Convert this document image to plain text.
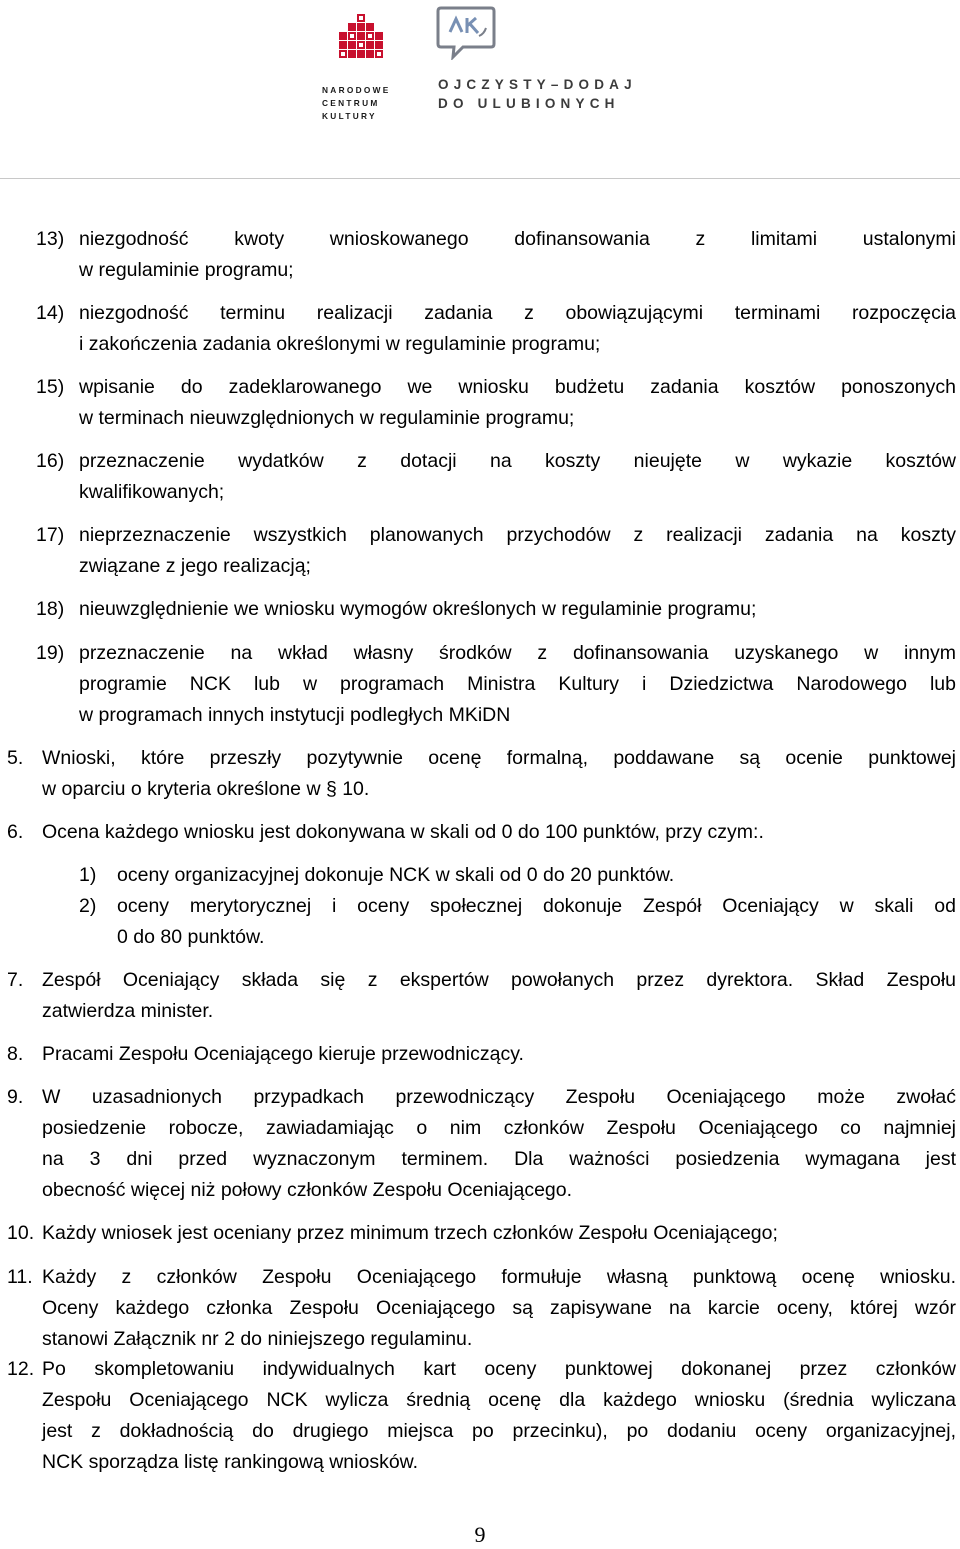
NARODOWE
CENTRUM
KULTURY
OJCZYSTY–DODAJ
DO ULUBIONYCH
13) niezgodność kwoty wnioskowanego dofinansowania z limitami ustalonymi
w regulaminie programu;
14) niezgodność terminu realizacji zadania z obowiązującymi terminami rozpoczęcia
i zakończenia zadania określonymi w regulaminie programu;
15) wpisanie do zadeklarowanego we wniosku budżetu zadania kosztów ponoszonych
w terminach nieuwzględnionych w regulaminie programu;
16) przeznaczenie wydatków z dotacji na koszty nieujęte w wykazie kosztów
kwalifikowanych;
17) nieprzeznaczenie wszystkich planowanych przychodów z realizacji zadania na koszty
związane z jego realizacją;
18) nieuwzględnienie we wniosku wymogów określonych w regulaminie programu;
19) przeznaczenie na wkład własny środków z dofinansowania uzyskanego w innym
programie NCK lub w programach Ministra Kultury i Dziedzictwa Narodowego lub
w programach innych instytucji podległych MKiDN
5. Wnioski, które przeszły pozytywnie ocenę formalną, poddawane są ocenie punktowej
w oparciu o kryteria określone w § 10.
6. Ocena każdego wniosku jest dokonywana w skali od 0 do 100 punktów, przy czym:.
1) oceny organizacyjnej dokonuje NCK w skali od 0 do 20 punktów.
2) oceny merytorycznej i oceny społecznej dokonuje Zespół Oceniający w skali od
0 do 80 punktów.
7. Zespół Oceniający składa się z ekspertów powołanych przez dyrektora. Skład Zespołu
zatwierdza minister.
8. Pracami Zespołu Oceniającego kieruje przewodniczący.
9. W uzasadnionych przypadkach przewodniczący Zespołu Oceniającego może zwołać
posiedzenie robocze, zawiadamiając o nim członków Zespołu Oceniającego co najmniej
na 3 dni przed wyznaczonym terminem. Dla ważności posiedzenia wymagana jest
obecność więcej niż połowy członków Zespołu Oceniającego.
10. Każdy wniosek jest oceniany przez minimum trzech członków Zespołu Oceniającego;
11. Każdy z członków Zespołu Oceniającego formułuje własną punktową ocenę wniosku.
Oceny każdego członka Zespołu Oceniającego są zapisywane na karcie oceny, której wzór
stanowi Załącznik nr 2 do niniejszego regulaminu.
12. Po skompletowaniu indywidualnych kart oceny punktowej dokonanej przez członków
Zespołu Oceniającego NCK wylicza średnią ocenę dla każdego wniosku (średnia wyliczana
jest z dokładnością do drugiego miejsca po przecinku), po dodaniu oceny organizacyjnej,
NCK sporządza listę rankingową wniosków.
9
